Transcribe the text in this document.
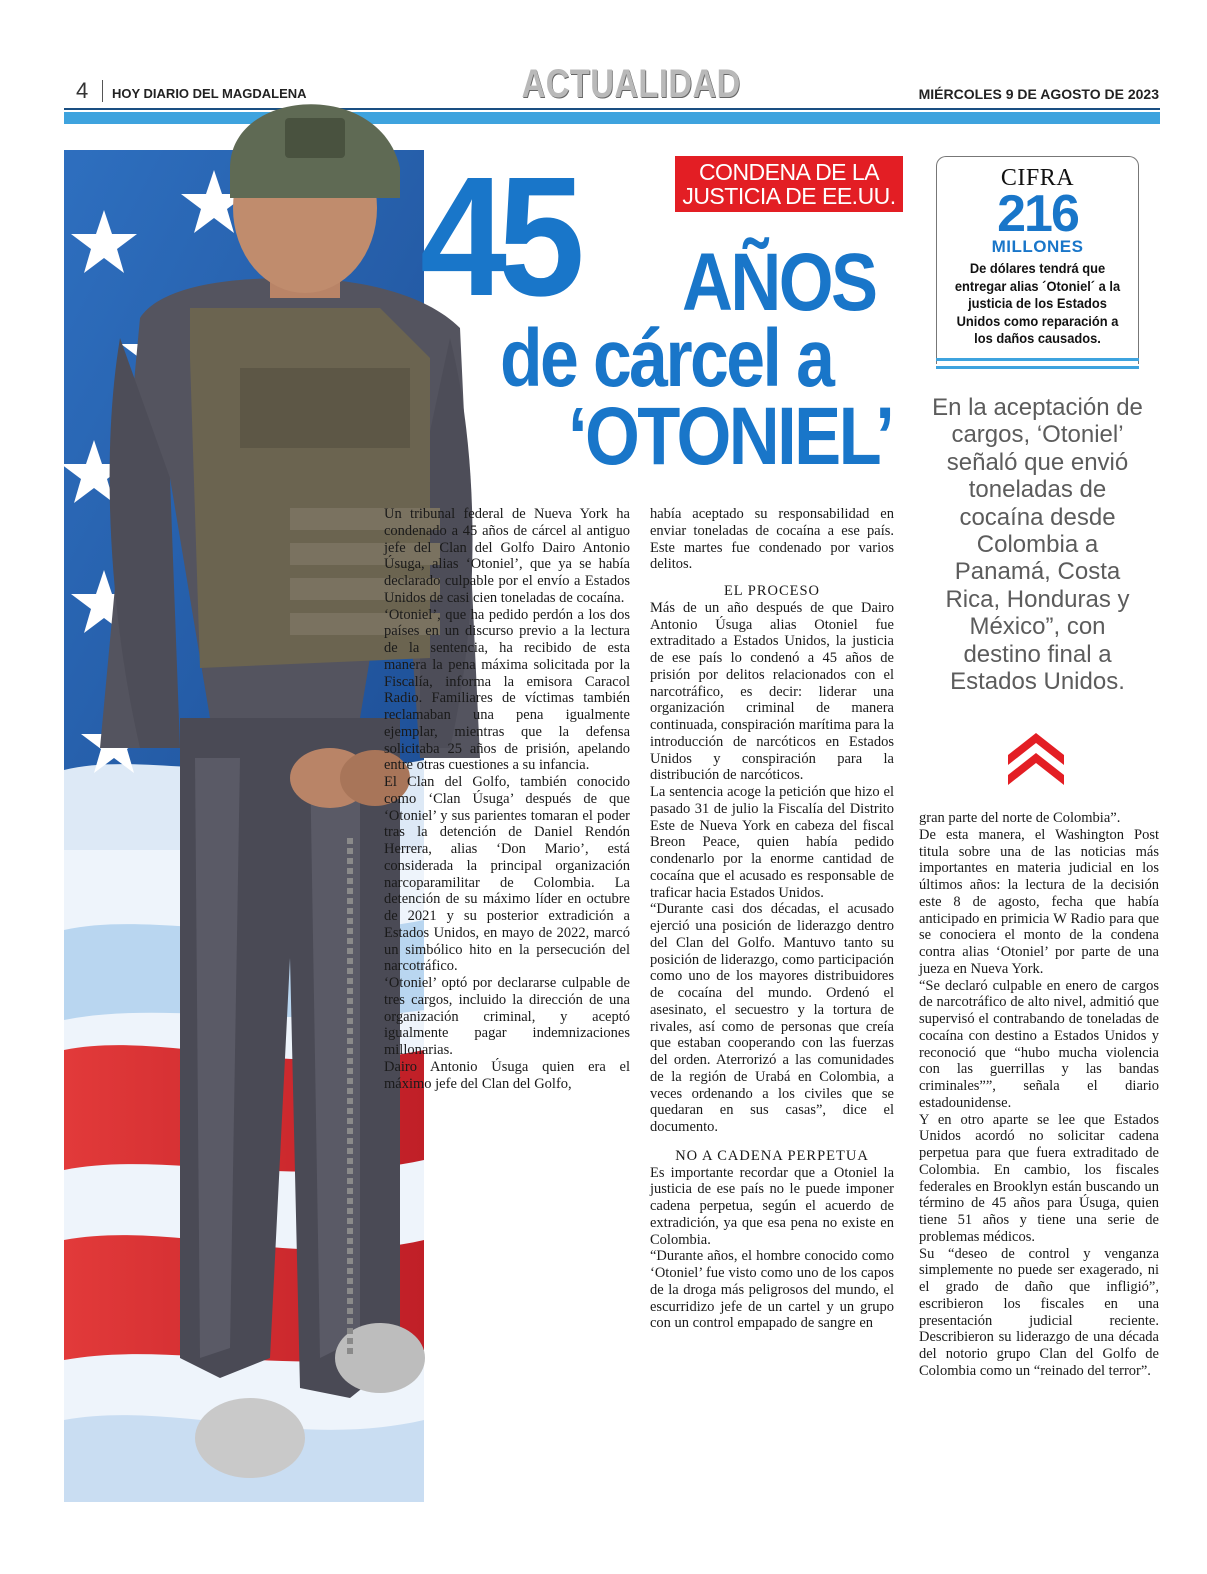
4 HOY DIARIO DEL MAGDALENA	ACTUALIDAD	MIÉRCOLES 9 DE AGOSTO DE 2023
CONDENA DE LA
JUSTICIA DE EE.UU.
45 AÑOS
de cárcel a
‘OTONIEL’
CIFRA
216
MILLONES
De dólares tendrá que entregar alias ´Otoniel´ a la justicia de los Estados Unidos como reparación a los daños causados.
En la aceptación de cargos, ‘Otoniel’ señaló que envió toneladas de cocaína desde Colombia a Panamá, Costa Rica, Honduras y México”, con destino final a Estados Unidos.

Un tribunal federal de Nueva York ha condenado a 45 años de cárcel al antiguo jefe del Clan del Golfo Dairo Antonio Úsuga, alias ‘Otoniel’, que ya se había declarado culpable por el envío a Estados Unidos de casi cien toneladas de cocaína.

‘Otoniel’, que ha pedido perdón a los dos países en un discurso previo a la lectura de la sentencia, ha recibido de esta manera la pena máxima solicitada por la Fiscalía, informa la emisora Caracol Radio. Familiares de víctimas también reclamaban una pena igualmente ejemplar, mientras que la defensa solicitaba 25 años de prisión, apelando entre otras cuestiones a su infancia.

El Clan del Golfo, también conocido como ‘Clan Úsuga’ después de que ‘Otoniel’ y sus parientes tomaran el poder tras la detención de Daniel Rendón Herrera, alias ‘Don Mario’, está considerada la principal organización narcoparamilitar de Colombia. La detención de su máximo líder en octubre de 2021 y su posterior extradición a Estados Unidos, en mayo de 2022, marcó un simbólico hito en la persecución del narcotráfico.

‘Otoniel’ optó por declararse culpable de tres cargos, incluido la dirección de una organización criminal, y aceptó igualmente pagar indemnizaciones millonarias.

Dairo Antonio Úsuga quien era el máximo jefe del Clan del Golfo,

había aceptado su responsabilidad en enviar toneladas de cocaína a ese país. Este martes fue condenado por varios delitos.

EL PROCESO

Más de un año después de que Dairo Antonio Úsuga alias Otoniel fue extraditado a Estados Unidos, la justicia de ese país lo condenó a 45 años de prisión por delitos relacionados con el narcotráfico, es decir: liderar una organización criminal de manera continuada, conspiración marítima para la introducción de narcóticos en Estados Unidos y conspiración para la distribución de narcóticos.

La sentencia acoge la petición que hizo el pasado 31 de julio la Fiscalía del Distrito Este de Nueva York en cabeza del fiscal Breon Peace, quien había pedido condenarlo por la enorme cantidad de cocaína que el acusado es responsable de traficar hacia Estados Unidos.

“Durante casi dos décadas, el acusado ejerció una posición de liderazgo dentro del Clan del Golfo. Mantuvo tanto su posición de liderazgo, como participación como uno de los mayores distribuidores de cocaína del mundo. Ordenó el asesinato, el secuestro y la tortura de rivales, así como de personas que creía que estaban cooperando con las fuerzas del orden. Aterrorizó a las comunidades de la región de Urabá en Colombia, a veces ordenando a los civiles que se quedaran en sus casas”, dice el documento.

NO A CADENA PERPETUA

Es importante recordar que a Otoniel la justicia de ese país no le puede imponer cadena perpetua, según el acuerdo de extradición, ya que esa pena no existe en Colombia.

“Durante años, el hombre conocido como ‘Otoniel’ fue visto como uno de los capos de la droga más peligrosos del mundo, el escurridizo jefe de un cartel y un grupo con un control empapado de sangre en

gran parte del norte de Colombia”.

De esta manera, el Washington Post titula sobre una de las noticias más importantes en materia judicial en los últimos años: la lectura de la decisión este 8 de agosto, fecha que había anticipado en primicia W Radio para que se conociera el monto de la condena contra alias ‘Otoniel’ por parte de una jueza en Nueva York.

“Se declaró culpable en enero de cargos de narcotráfico de alto nivel, admitió que supervisó el contrabando de toneladas de cocaína con destino a Estados Unidos y reconoció que “hubo mucha violencia con las guerrillas y las bandas criminales””, señala el diario estadounidense.

Y en otro aparte se lee que Estados Unidos acordó no solicitar cadena perpetua para que fuera extraditado de Colombia. En cambio, los fiscales federales en Brooklyn están buscando un término de 45 años para Úsuga, quien tiene 51 años y tiene una serie de problemas médicos.

Su “deseo de control y venganza simplemente no puede ser exagerado, ni el grado de daño que infligió”, escribieron los fiscales en una presentación judicial reciente. Describieron su liderazgo de una década del notorio grupo Clan del Golfo de Colombia como un “reinado del terror”.
